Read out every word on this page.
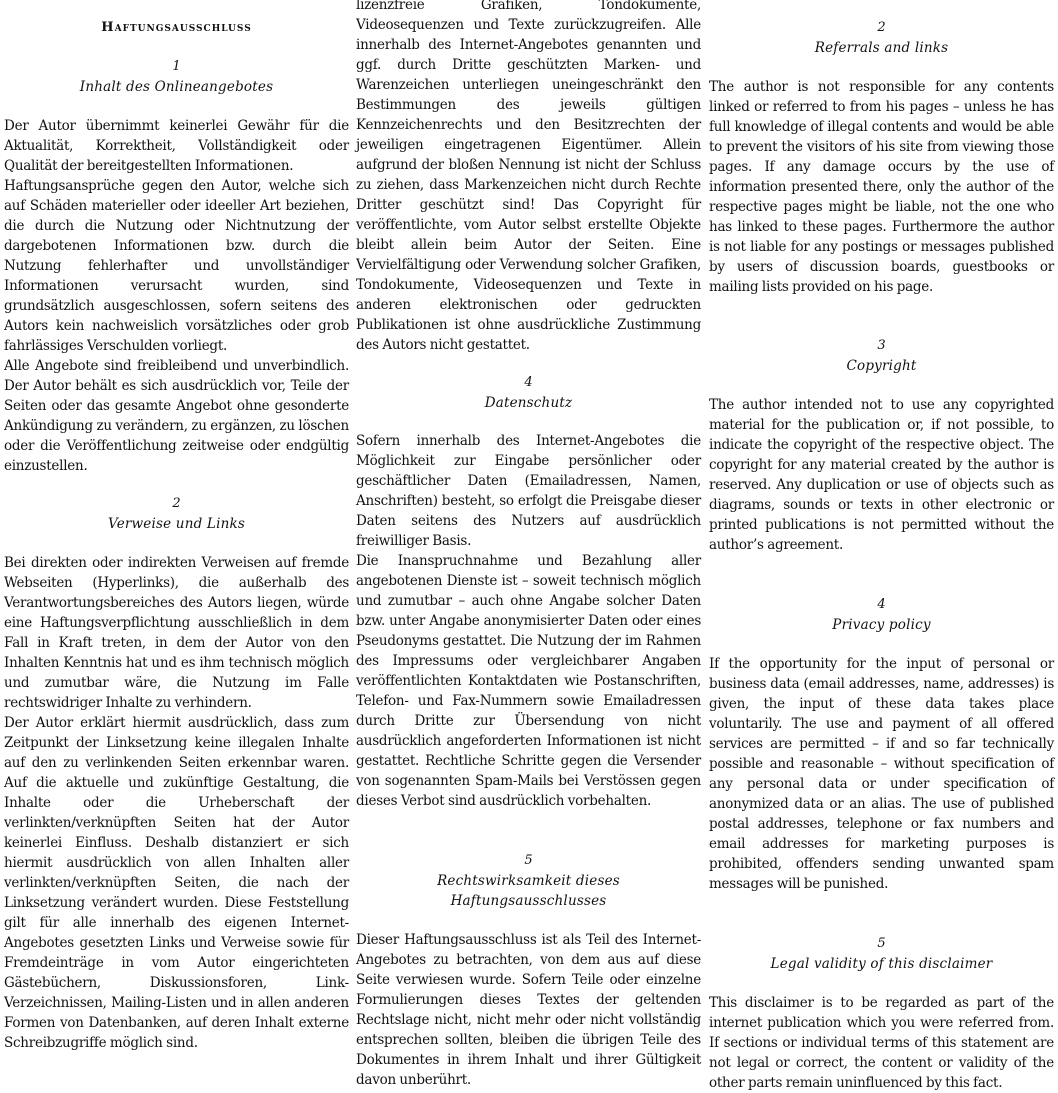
Haftungsausschluss

1

Inhalt des Onlineangebotes

Der Autor übernimmt keinerlei Gewähr für die Aktualität, Korrektheit, Vollständigkeit oder Qualität der bereitgestellten Informationen.

Haftungsansprüche gegen den Autor, welche sich auf Schäden materieller oder ideeller Art beziehen, die durch die Nutzung oder Nichtnutzung der dargebotenen Informationen bzw. durch die Nutzung fehlerhafter und unvollständiger Informationen verursacht wurden, sind grundsätzlich ausgeschlossen, sofern seitens des Autors kein nachweislich vorsätzliches oder grob fahrlässiges Verschulden vorliegt.

Alle Angebote sind freibleibend und unverbindlich. Der Autor behält es sich ausdrücklich vor, Teile der Seiten oder das gesamte Angebot ohne gesonderte Ankündigung zu verändern, zu ergänzen, zu löschen oder die Veröffentlichung zeitweise oder endgültig einzustellen.

2

Verweise und Links

Bei direkten oder indirekten Verweisen auf fremde Webseiten (Hyperlinks), die außerhalb des Verantwortungsbereiches des Autors liegen, würde eine Haftungsverpflichtung ausschließlich in dem Fall in Kraft treten, in dem der Autor von den Inhalten Kenntnis hat und es ihm technisch möglich und zumutbar wäre, die Nutzung im Falle rechtswidriger Inhalte zu verhindern.

Der Autor erklärt hiermit ausdrücklich, dass zum Zeitpunkt der Linksetzung keine illegalen Inhalte auf den zu verlinkenden Seiten erkennbar waren. Auf die aktuelle und zukünftige Gestaltung, die Inhalte oder die Urheberschaft der verlinkten/verknüpften Seiten hat der Autor keinerlei Einfluss. Deshalb distanziert er sich hiermit ausdrücklich von allen Inhalten aller verlinkten/verknüpften Seiten, die nach der Linksetzung verändert wurden. Diese Feststellung gilt für alle innerhalb des eigenen Internet-Angebotes gesetzten Links und Verweise sowie für Fremdeinträge in vom Autor eingerichteten Gästebüchern, Diskussionsforen, Link-Verzeichnissen, Mailing-Listen und in allen anderen Formen von Datenbanken, auf deren Inhalt externe Schreibzugriffe möglich sind.

lizenzfreie Grafiken, Tondokumente, Videosequenzen und Texte zurückzugreifen. Alle innerhalb des Internet-Angebotes genannten und ggf. durch Dritte geschützten Marken- und Warenzeichen unterliegen uneingeschränkt den Bestimmungen des jeweils gültigen Kennzeichenrechts und den Besitzrechten der jeweiligen eingetragenen Eigentümer. Allein aufgrund der bloßen Nennung ist nicht der Schluss zu ziehen, dass Markenzeichen nicht durch Rechte Dritter geschützt sind! Das Copyright für veröffentlichte, vom Autor selbst erstellte Objekte bleibt allein beim Autor der Seiten. Eine Vervielfältigung oder Verwendung solcher Grafiken, Tondokumente, Videosequenzen und Texte in anderen elektronischen oder gedruckten Publikationen ist ohne ausdrückliche Zustimmung des Autors nicht gestattet.

4

Datenschutz

Sofern innerhalb des Internet-Angebotes die Möglichkeit zur Eingabe persönlicher oder geschäftlicher Daten (Emailadressen, Namen, Anschriften) besteht, so erfolgt die Preisgabe dieser Daten seitens des Nutzers auf ausdrücklich freiwilliger Basis.

Die Inanspruchnahme und Bezahlung aller angebotenen Dienste ist – soweit technisch möglich und zumutbar – auch ohne Angabe solcher Daten bzw. unter Angabe anonymisierter Daten oder eines Pseudonyms gestattet. Die Nutzung der im Rahmen des Impressums oder vergleichbarer Angaben veröffentlichten Kontaktdaten wie Postanschriften, Telefon- und Fax-Nummern sowie Emailadressen durch Dritte zur Übersendung von nicht ausdrücklich angeforderten Informationen ist nicht gestattet. Rechtliche Schritte gegen die Versender von sogenannten Spam-Mails bei Verstössen gegen dieses Verbot sind ausdrücklich vorbehalten.

5

Rechtswirksamkeit dieses

Haftungsausschlusses

Dieser Haftungsausschluss ist als Teil des Internet-Angebotes zu betrachten, von dem aus auf diese Seite verwiesen wurde. Sofern Teile oder einzelne Formulierungen dieses Textes der geltenden Rechtslage nicht, nicht mehr oder nicht vollständig entsprechen sollten, bleiben die übrigen Teile des Dokumentes in ihrem Inhalt und ihrer Gültigkeit davon unberührt.

2

Referrals and links

The author is not responsible for any contents linked or referred to from his pages – unless he has full knowledge of illegal contents and would be able to prevent the visitors of his site from viewing those pages. If any damage occurs by the use of information presented there, only the author of the respective pages might be liable, not the one who has linked to these pages. Furthermore the author is not liable for any postings or messages published by users of discussion boards, guestbooks or mailing lists provided on his page.

3

Copyright

The author intended not to use any copyrighted material for the publication or, if not possible, to indicate the copyright of the respective object. The copyright for any material created by the author is reserved. Any duplication or use of objects such as diagrams, sounds or texts in other electronic or printed publications is not permitted without the author’s agreement.

4

Privacy policy

If the opportunity for the input of personal or business data (email addresses, name, addresses) is given, the input of these data takes place voluntarily. The use and payment of all offered services are permitted – if and so far technically possible and reasonable – without specification of any personal data or under specification of anonymized data or an alias. The use of published postal addresses, telephone or fax numbers and email addresses for marketing purposes is prohibited, offenders sending unwanted spam messages will be punished.

5

Legal validity of this disclaimer

This disclaimer is to be regarded as part of the internet publication which you were referred from. If sections or individual terms of this statement are not legal or correct, the content or validity of the other parts remain uninfluenced by this fact.
